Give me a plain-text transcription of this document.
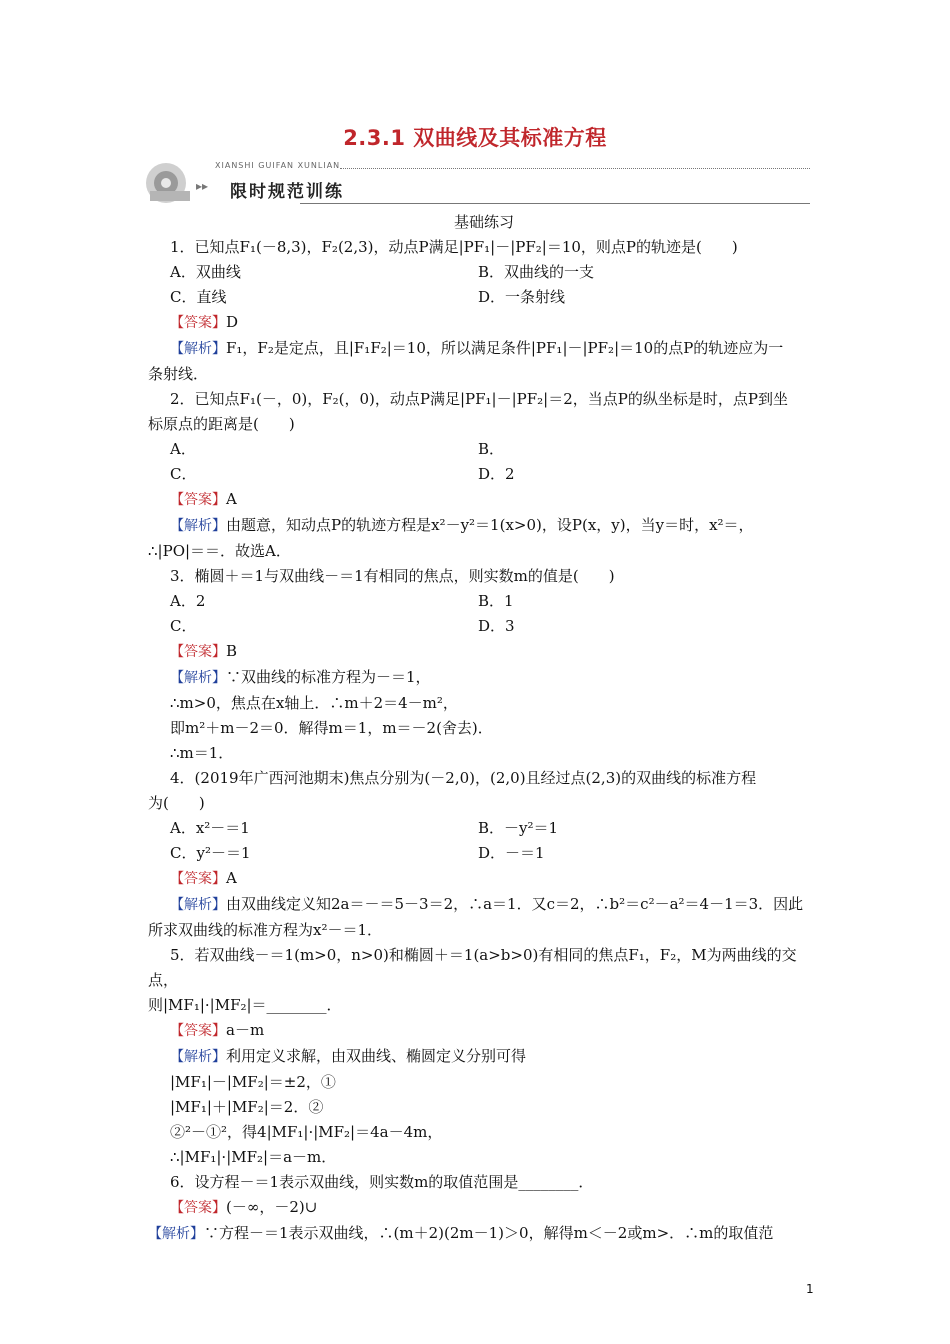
2.3.1 双曲线及其标准方程
XIANSHI GUIFAN XUNLIAN
▸▸ 限时规范训练

基础练习

1．已知点F₁(－8,3)，F₂(2,3)，动点P满足|PF₁|－|PF₂|＝10，则点P的轨迹是(　　)

A．双曲线	B．双曲线的一支
C．直线	D．一条射线

【答案】D

【解析】F₁，F₂是定点，且|F₁F₂|＝10，所以满足条件|PF₁|－|PF₂|＝10的点P的轨迹应为一

条射线．

2．已知点F₁(－，0)，F₂(，0)，动点P满足|PF₁|－|PF₂|＝2，当点P的纵坐标是时，点P到坐

标原点的距离是(　　)

A．	B．
C．	D．2

【答案】A

【解析】由题意，知动点P的轨迹方程是x²－y²＝1(x>0)，设P(x，y)，当y＝时，x²＝，

∴|PO|＝＝．故选A．

3．椭圆＋＝1与双曲线－＝1有相同的焦点，则实数m的值是(　　)

A．2	B．1
C．	D．3

【答案】B

【解析】∵双曲线的标准方程为－＝1，

∴m>0，焦点在x轴上．∴m＋2＝4－m²，

即m²＋m－2＝0．解得m＝1，m＝－2(舍去)．

∴m＝1．

4．(2019年广西河池期末)焦点分别为(－2,0)，(2,0)且经过点(2,3)的双曲线的标准方程

为(　　)

A．x²－＝1	B．－y²＝1
C．y²－＝1	D．－＝1

【答案】A

【解析】由双曲线定义知2a＝－＝5－3＝2，∴a＝1．又c＝2，∴b²＝c²－a²＝4－1＝3．因此

所求双曲线的标准方程为x²－＝1．

5．若双曲线－＝1(m>0，n>0)和椭圆＋＝1(a>b>0)有相同的焦点F₁，F₂，M为两曲线的交点，

则|MF₁|·|MF₂|＝________．

【答案】a－m

【解析】利用定义求解，由双曲线、椭圆定义分别可得

|MF₁|－|MF₂|＝±2，①

|MF₁|＋|MF₂|＝2．②

②²－①²，得4|MF₁|·|MF₂|＝4a－4m，

∴|MF₁|·|MF₂|＝a－m．

6．设方程－＝1表示双曲线，则实数m的取值范围是________．

【答案】(－∞，－2)∪

【解析】∵方程－＝1表示双曲线，∴(m＋2)(2m－1)＞0，解得m＜－2或m>．∴m的取值范

1
